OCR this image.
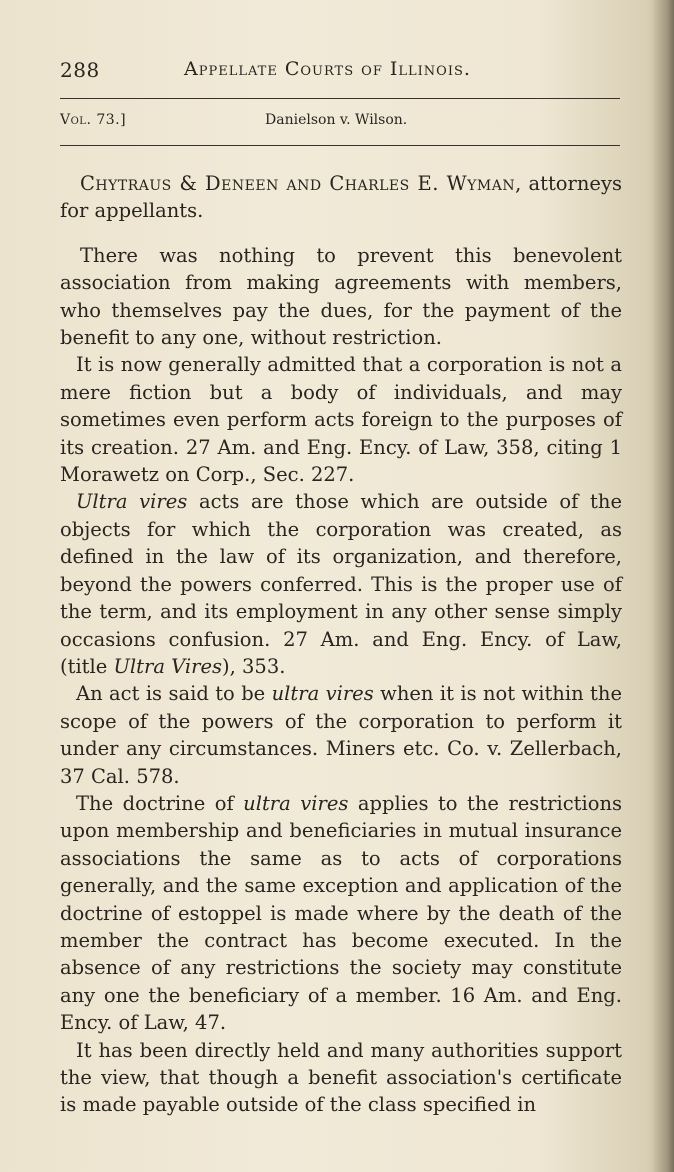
288	Appellate Courts of Illinois.
Vol. 73.]	Danielson v. Wilson.

Chytraus & Deneen and Charles E. Wyman, attorneys for appellants.

There was nothing to prevent this benevolent association from making agreements with members, who themselves pay the dues, for the payment of the benefit to any one, without restriction.

It is now generally admitted that a corporation is not a mere fiction but a body of individuals, and may sometimes even perform acts foreign to the purposes of its creation. 27 Am. and Eng. Ency. of Law, 358, citing 1 Morawetz on Corp., Sec. 227.

Ultra vires acts are those which are outside of the objects for which the corporation was created, as defined in the law of its organization, and therefore, beyond the powers conferred. This is the proper use of the term, and its employment in any other sense simply occasions confusion. 27 Am. and Eng. Ency. of Law, (title Ultra Vires), 353.

An act is said to be ultra vires when it is not within the scope of the powers of the corporation to perform it under any circumstances. Miners etc. Co. v. Zellerbach, 37 Cal. 578.

The doctrine of ultra vires applies to the restrictions upon membership and beneficiaries in mutual insurance associations the same as to acts of corporations generally, and the same exception and application of the doctrine of estoppel is made where by the death of the member the contract has become executed. In the absence of any restrictions the society may constitute any one the beneficiary of a member. 16 Am. and Eng. Ency. of Law, 47.

It has been directly held and many authorities support the view, that though a benefit association's certificate is made payable outside of the class specified in
